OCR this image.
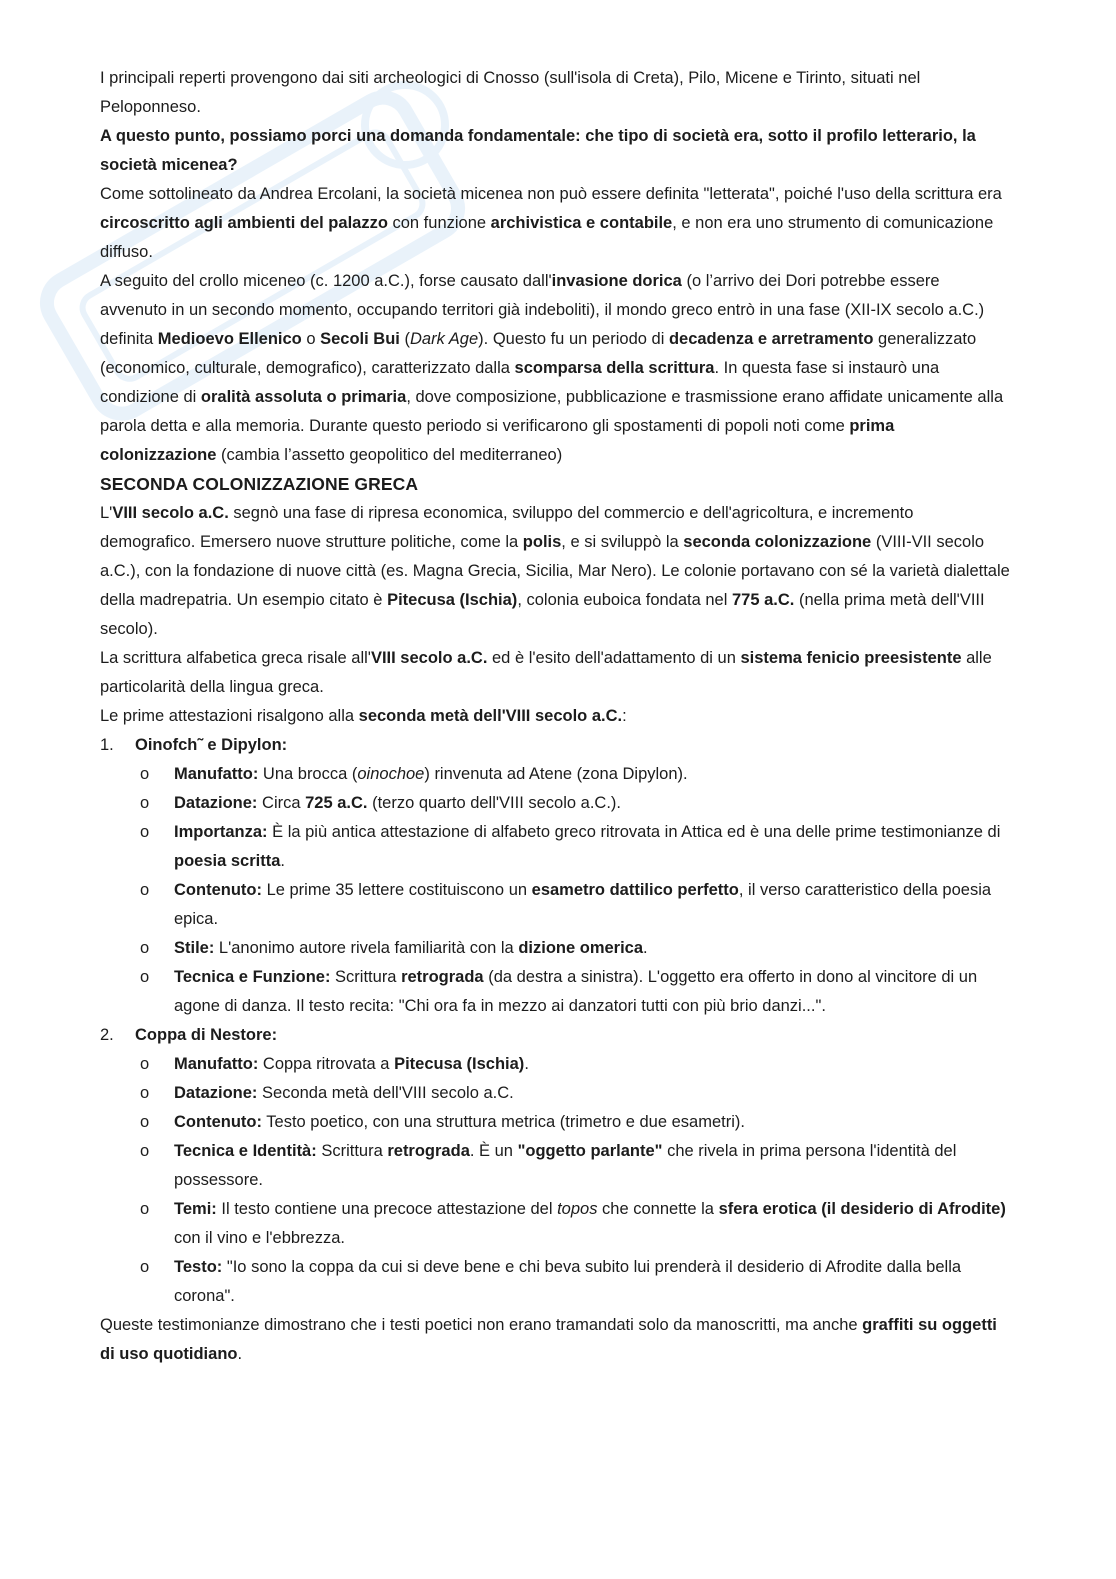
I principali reperti provengono dai siti archeologici di Cnosso (sull'isola di Creta), Pilo, Micene e Tirinto, situati nel Peloponneso.
A questo punto, possiamo porci una domanda fondamentale: che tipo di società era, sotto il profilo letterario, la società micenea?
Come sottolineato da Andrea Ercolani, la società micenea non può essere definita "letterata", poiché l'uso della scrittura era circoscritto agli ambienti del palazzo con funzione archivistica e contabile, e non era uno strumento di comunicazione diffuso.
A seguito del crollo miceneo (c. 1200 a.C.), forse causato dall'invasione dorica (o l’arrivo dei Dori potrebbe essere avvenuto in un secondo momento, occupando territori già indeboliti), il mondo greco entrò in una fase (XII-IX secolo a.C.) definita Medioevo Ellenico o Secoli Bui (Dark Age). Questo fu un periodo di decadenza e arretramento generalizzato (economico, culturale, demografico), caratterizzato dalla scomparsa della scrittura. In questa fase si instaurò una condizione di oralità assoluta o primaria, dove composizione, pubblicazione e trasmissione erano affidate unicamente alla parola detta e alla memoria. Durante questo periodo si verificarono gli spostamenti di popoli noti come prima colonizzazione (cambia l’assetto geopolitico del mediterraneo)
SECONDA COLONIZZAZIONE GRECA
L'VIII secolo a.C. segnò una fase di ripresa economica, sviluppo del commercio e dell'agricoltura, e incremento demografico. Emersero nuove strutture politiche, come la polis, e si sviluppò la seconda colonizzazione (VIII-VII secolo a.C.), con la fondazione di nuove città (es. Magna Grecia, Sicilia, Mar Nero). Le colonie portavano con sé la varietà dialettale della madrepatria. Un esempio citato è Pitecusa (Ischia), colonia euboica fondata nel 775 a.C. (nella prima metà dell'VIII secolo).
La scrittura alfabetica greca risale all'VIII secolo a.C. ed è l'esito dell'adattamento di un sistema fenicio preesistente alle particolarità della lingua greca.
Le prime attestazioni risalgono alla seconda metà dell'VIII secolo a.C.:
1. Oinofch˜ e Dipylon:
o Manufatto: Una brocca (oinochoe) rinvenuta ad Atene (zona Dipylon).
o Datazione: Circa 725 a.C. (terzo quarto dell'VIII secolo a.C.).
o Importanza: È la più antica attestazione di alfabeto greco ritrovata in Attica ed è una delle prime testimonianze di poesia scritta.
o Contenuto: Le prime 35 lettere costituiscono un esametro dattilico perfetto, il verso caratteristico della poesia epica.
o Stile: L'anonimo autore rivela familiarità con la dizione omerica.
o Tecnica e Funzione: Scrittura retrograda (da destra a sinistra). L'oggetto era offerto in dono al vincitore di un agone di danza. Il testo recita: "Chi ora fa in mezzo ai danzatori tutti con più brio danzi...".
2. Coppa di Nestore:
o Manufatto: Coppa ritrovata a Pitecusa (Ischia).
o Datazione: Seconda metà dell'VIII secolo a.C.
o Contenuto: Testo poetico, con una struttura metrica (trimetro e due esametri).
o Tecnica e Identità: Scrittura retrograda. È un "oggetto parlante" che rivela in prima persona l'identità del possessore.
o Temi: Il testo contiene una precoce attestazione del topos che connette la sfera erotica (il desiderio di Afrodite) con il vino e l'ebbrezza.
o Testo: "Io sono la coppa da cui si deve bene e chi beva subito lui prenderà il desiderio di Afrodite dalla bella corona".
Queste testimonianze dimostrano che i testi poetici non erano tramandati solo da manoscritti, ma anche graffiti su oggetti di uso quotidiano.
